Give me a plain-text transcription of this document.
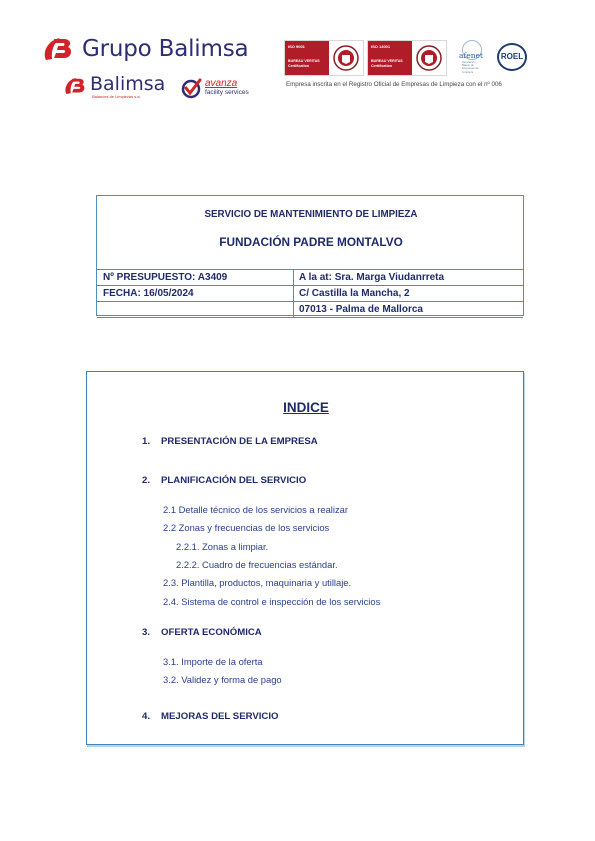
Grupo Balimsa
Balimsa
Balances de Limpiezas s.a.
avanza
facility services
ISO 9001
BUREAU VERITAS
Certification
ISO 14001
BUREAU VERITAS
Certification
afenet
Asociación Balear de Empresas de Limpieza
ROEL
Empresa inscrita en el Registro Oficial de Empresas de Limpieza con el nº 006
SERVICIO DE MANTENIMIENTO DE LIMPIEZA
FUNDACIÓN PADRE MONTALVO
Nº PRESUPUESTO: A3409	A la at: Sra. Marga Viudanrreta
FECHA: 16/05/2024	C/ Castilla la Mancha, 2
07013 - Palma de Mallorca
INDICE
1. PRESENTACIÓN DE LA EMPRESA
2. PLANIFICACIÓN DEL SERVICIO
2.1 Detalle técnico de los servicios a realizar
2.2 Zonas y frecuencias de los servicios
2.2.1. Zonas a limpiar.
2.2.2. Cuadro de frecuencias estándar.
2.3. Plantilla, productos, maquinaria y utillaje.
2.4. Sistema de control e inspección de los servicios
3. OFERTA ECONÓMICA
3.1. Importe de la oferta
3.2. Validez y forma de pago
4. MEJORAS DEL SERVICIO
